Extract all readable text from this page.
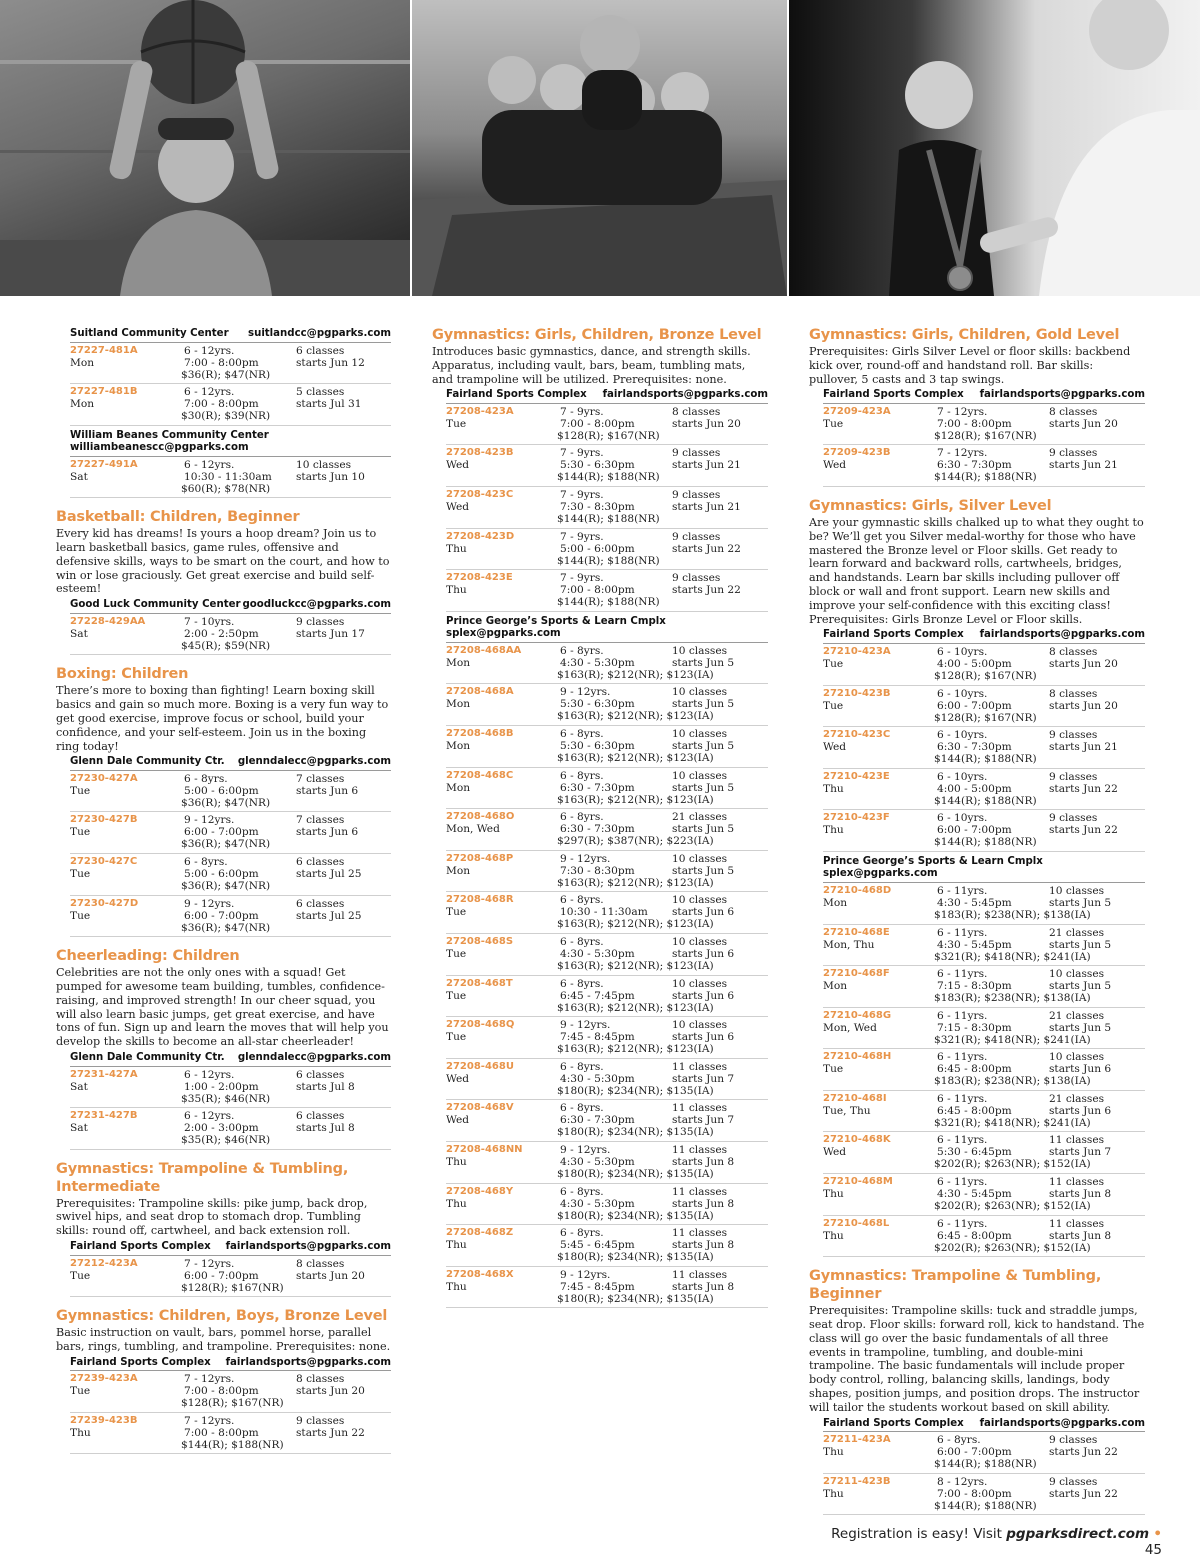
Suitland Community Center suitlandcc@pgparks.com
27227-481A
Mon
6 - 12yrs.
7:00 - 8:00pm
$36(R); $47(NR)
6 classes
starts Jun 12
27227-481B
Mon
6 - 12yrs.
7:00 - 8:00pm
$30(R); $39(NR)
5 classes
starts Jul 31
William Beanes Community Center
williambeanescc@pgparks.com
27227-491A
Sat
6 - 12yrs.
10:30 - 11:30am
$60(R); $78(NR)
10 classes
starts Jun 10
Basketball: Children, Beginner
Every kid has dreams! Is yours a hoop dream? Join us to learn basketball basics, game rules, offensive and defensive skills, ways to be smart on the court, and how to win or lose graciously. Get great exercise and build self-esteem!
Good Luck Community Center goodluckcc@pgparks.com
27228-429AA
Sat
7 - 10yrs.
2:00 - 2:50pm
$45(R); $59(NR)
9 classes
starts Jun 17
Boxing: Children
There’s more to boxing than fighting! Learn boxing skill basics and gain so much more. Boxing is a very fun way to get good exercise, improve focus or school, build your confidence, and your self-esteem. Join us in the boxing ring today!
Glenn Dale Community Ctr. glenndalecc@pgparks.com
27230-427A
Tue
6 - 8yrs.
5:00 - 6:00pm
$36(R); $47(NR)
7 classes
starts Jun 6
27230-427B
Tue
9 - 12yrs.
6:00 - 7:00pm
$36(R); $47(NR)
7 classes
starts Jun 6
27230-427C
Tue
6 - 8yrs.
5:00 - 6:00pm
$36(R); $47(NR)
6 classes
starts Jul 25
27230-427D
Tue
9 - 12yrs.
6:00 - 7:00pm
$36(R); $47(NR)
6 classes
starts Jul 25
Cheerleading: Children
Celebrities are not the only ones with a squad! Get pumped for awesome team building, tumbles, confidence-raising, and improved strength! In our cheer squad, you will also learn basic jumps, get great exercise, and have tons of fun. Sign up and learn the moves that will help you develop the skills to become an all-star cheerleader!
Glenn Dale Community Ctr. glenndalecc@pgparks.com
27231-427A
Sat
6 - 12yrs.
1:00 - 2:00pm
$35(R); $46(NR)
6 classes
starts Jul 8
27231-427B
Sat
6 - 12yrs.
2:00 - 3:00pm
$35(R); $46(NR)
6 classes
starts Jul 8
Gymnastics: Trampoline & Tumbling, Intermediate
Prerequisites: Trampoline skills: pike jump, back drop, swivel hips, and seat drop to stomach drop. Tumbling skills: round off, cartwheel, and back extension roll.
Fairland Sports Complex fairlandsports@pgparks.com
27212-423A
Tue
7 - 12yrs.
6:00 - 7:00pm
$128(R); $167(NR)
8 classes
starts Jun 20
Gymnastics: Children, Boys, Bronze Level
Basic instruction on vault, bars, pommel horse, parallel bars, rings, tumbling, and trampoline. Prerequisites: none.
Fairland Sports Complex fairlandsports@pgparks.com
27239-423A
Tue
7 - 12yrs.
7:00 - 8:00pm
$128(R); $167(NR)
8 classes
starts Jun 20
27239-423B
Thu
7 - 12yrs.
7:00 - 8:00pm
$144(R); $188(NR)
9 classes
starts Jun 22
Gymnastics: Girls, Children, Bronze Level
Introduces basic gymnastics, dance, and strength skills. Apparatus, including vault, bars, beam, tumbling mats, and trampoline will be utilized. Prerequisites: none.
Fairland Sports Complex fairlandsports@pgparks.com
27208-423A
Tue
7 - 9yrs.
7:00 - 8:00pm
$128(R); $167(NR)
8 classes
starts Jun 20
27208-423B
Wed
7 - 9yrs.
5:30 - 6:30pm
$144(R); $188(NR)
9 classes
starts Jun 21
27208-423C
Wed
7 - 9yrs.
7:30 - 8:30pm
$144(R); $188(NR)
9 classes
starts Jun 21
27208-423D
Thu
7 - 9yrs.
5:00 - 6:00pm
$144(R); $188(NR)
9 classes
starts Jun 22
27208-423E
Thu
7 - 9yrs.
7:00 - 8:00pm
$144(R); $188(NR)
9 classes
starts Jun 22
Prince George’s Sports & Learn Cmplx
splex@pgparks.com
27208-468AA
Mon
6 - 8yrs.
4:30 - 5:30pm
$163(R); $212(NR); $123(IA)
10 classes
starts Jun 5
27208-468A
Mon
9 - 12yrs.
5:30 - 6:30pm
$163(R); $212(NR); $123(IA)
10 classes
starts Jun 5
27208-468B
Mon
6 - 8yrs.
5:30 - 6:30pm
$163(R); $212(NR); $123(IA)
10 classes
starts Jun 5
27208-468C
Mon
6 - 8yrs.
6:30 - 7:30pm
$163(R); $212(NR); $123(IA)
10 classes
starts Jun 5
27208-468O
Mon, Wed
6 - 8yrs.
6:30 - 7:30pm
$297(R); $387(NR); $223(IA)
21 classes
starts Jun 5
27208-468P
Mon
9 - 12yrs.
7:30 - 8:30pm
$163(R); $212(NR); $123(IA)
10 classes
starts Jun 5
27208-468R
Tue
6 - 8yrs.
10:30 - 11:30am
$163(R); $212(NR); $123(IA)
10 classes
starts Jun 6
27208-468S
Tue
6 - 8yrs.
4:30 - 5:30pm
$163(R); $212(NR); $123(IA)
10 classes
starts Jun 6
27208-468T
Tue
6 - 8yrs.
6:45 - 7:45pm
$163(R); $212(NR); $123(IA)
10 classes
starts Jun 6
27208-468Q
Tue
9 - 12yrs.
7:45 - 8:45pm
$163(R); $212(NR); $123(IA)
10 classes
starts Jun 6
27208-468U
Wed
6 - 8yrs.
4:30 - 5:30pm
$180(R); $234(NR); $135(IA)
11 classes
starts Jun 7
27208-468V
Wed
6 - 8yrs.
6:30 - 7:30pm
$180(R); $234(NR); $135(IA)
11 classes
starts Jun 7
27208-468NN
Thu
9 - 12yrs.
4:30 - 5:30pm
$180(R); $234(NR); $135(IA)
11 classes
starts Jun 8
27208-468Y
Thu
6 - 8yrs.
4:30 - 5:30pm
$180(R); $234(NR); $135(IA)
11 classes
starts Jun 8
27208-468Z
Thu
6 - 8yrs.
5:45 - 6:45pm
$180(R); $234(NR); $135(IA)
11 classes
starts Jun 8
27208-468X
Thu
9 - 12yrs.
7:45 - 8:45pm
$180(R); $234(NR); $135(IA)
11 classes
starts Jun 8
Gymnastics: Girls, Children, Gold Level
Prerequisites: Girls Silver Level or floor skills: backbend kick over, round-off and handstand roll. Bar skills: pullover, 5 casts and 3 tap swings.
Fairland Sports Complex fairlandsports@pgparks.com
27209-423A
Tue
7 - 12yrs.
7:00 - 8:00pm
$128(R); $167(NR)
8 classes
starts Jun 20
27209-423B
Wed
7 - 12yrs.
6:30 - 7:30pm
$144(R); $188(NR)
9 classes
starts Jun 21
Gymnastics: Girls, Silver Level
Are your gymnastic skills chalked up to what they ought to be? We’ll get you Silver medal-worthy for those who have mastered the Bronze level or Floor skills. Get ready to learn forward and backward rolls, cartwheels, bridges, and handstands. Learn bar skills including pullover off block or wall and front support. Learn new skills and improve your self-confidence with this exciting class! Prerequisites: Girls Bronze Level or Floor skills.
Fairland Sports Complex fairlandsports@pgparks.com
27210-423A
Tue
6 - 10yrs.
4:00 - 5:00pm
$128(R); $167(NR)
8 classes
starts Jun 20
27210-423B
Tue
6 - 10yrs.
6:00 - 7:00pm
$128(R); $167(NR)
8 classes
starts Jun 20
27210-423C
Wed
6 - 10yrs.
6:30 - 7:30pm
$144(R); $188(NR)
9 classes
starts Jun 21
27210-423E
Thu
6 - 10yrs.
4:00 - 5:00pm
$144(R); $188(NR)
9 classes
starts Jun 22
27210-423F
Thu
6 - 10yrs.
6:00 - 7:00pm
$144(R); $188(NR)
9 classes
starts Jun 22
Prince George’s Sports & Learn Cmplx
splex@pgparks.com
27210-468D
Mon
6 - 11yrs.
4:30 - 5:45pm
$183(R); $238(NR); $138(IA)
10 classes
starts Jun 5
27210-468E
Mon, Thu
6 - 11yrs.
4:30 - 5:45pm
$321(R); $418(NR); $241(IA)
21 classes
starts Jun 5
27210-468F
Mon
6 - 11yrs.
7:15 - 8:30pm
$183(R); $238(NR); $138(IA)
10 classes
starts Jun 5
27210-468G
Mon, Wed
6 - 11yrs.
7:15 - 8:30pm
$321(R); $418(NR); $241(IA)
21 classes
starts Jun 5
27210-468H
Tue
6 - 11yrs.
6:45 - 8:00pm
$183(R); $238(NR); $138(IA)
10 classes
starts Jun 6
27210-468I
Tue, Thu
6 - 11yrs.
6:45 - 8:00pm
$321(R); $418(NR); $241(IA)
21 classes
starts Jun 6
27210-468K
Wed
6 - 11yrs.
5:30 - 6:45pm
$202(R); $263(NR); $152(IA)
11 classes
starts Jun 7
27210-468M
Thu
6 - 11yrs.
4:30 - 5:45pm
$202(R); $263(NR); $152(IA)
11 classes
starts Jun 8
27210-468L
Thu
6 - 11yrs.
6:45 - 8:00pm
$202(R); $263(NR); $152(IA)
11 classes
starts Jun 8
Gymnastics: Trampoline & Tumbling, Beginner
Prerequisites: Trampoline skills: tuck and straddle jumps, seat drop. Floor skills: forward roll, kick to handstand. The class will go over the basic fundamentals of all three events in trampoline, tumbling, and double-mini trampoline. The basic fundamentals will include proper body control, rolling, balancing skills, landings, body shapes, position jumps, and position drops. The instructor will tailor the students workout based on skill ability.
Fairland Sports Complex fairlandsports@pgparks.com
27211-423A
Thu
6 - 8yrs.
6:00 - 7:00pm
$144(R); $188(NR)
9 classes
starts Jun 22
27211-423B
Thu
8 - 12yrs.
7:00 - 8:00pm
$144(R); $188(NR)
9 classes
starts Jun 22
Registration is easy! Visit pgparksdirect.com • 45
